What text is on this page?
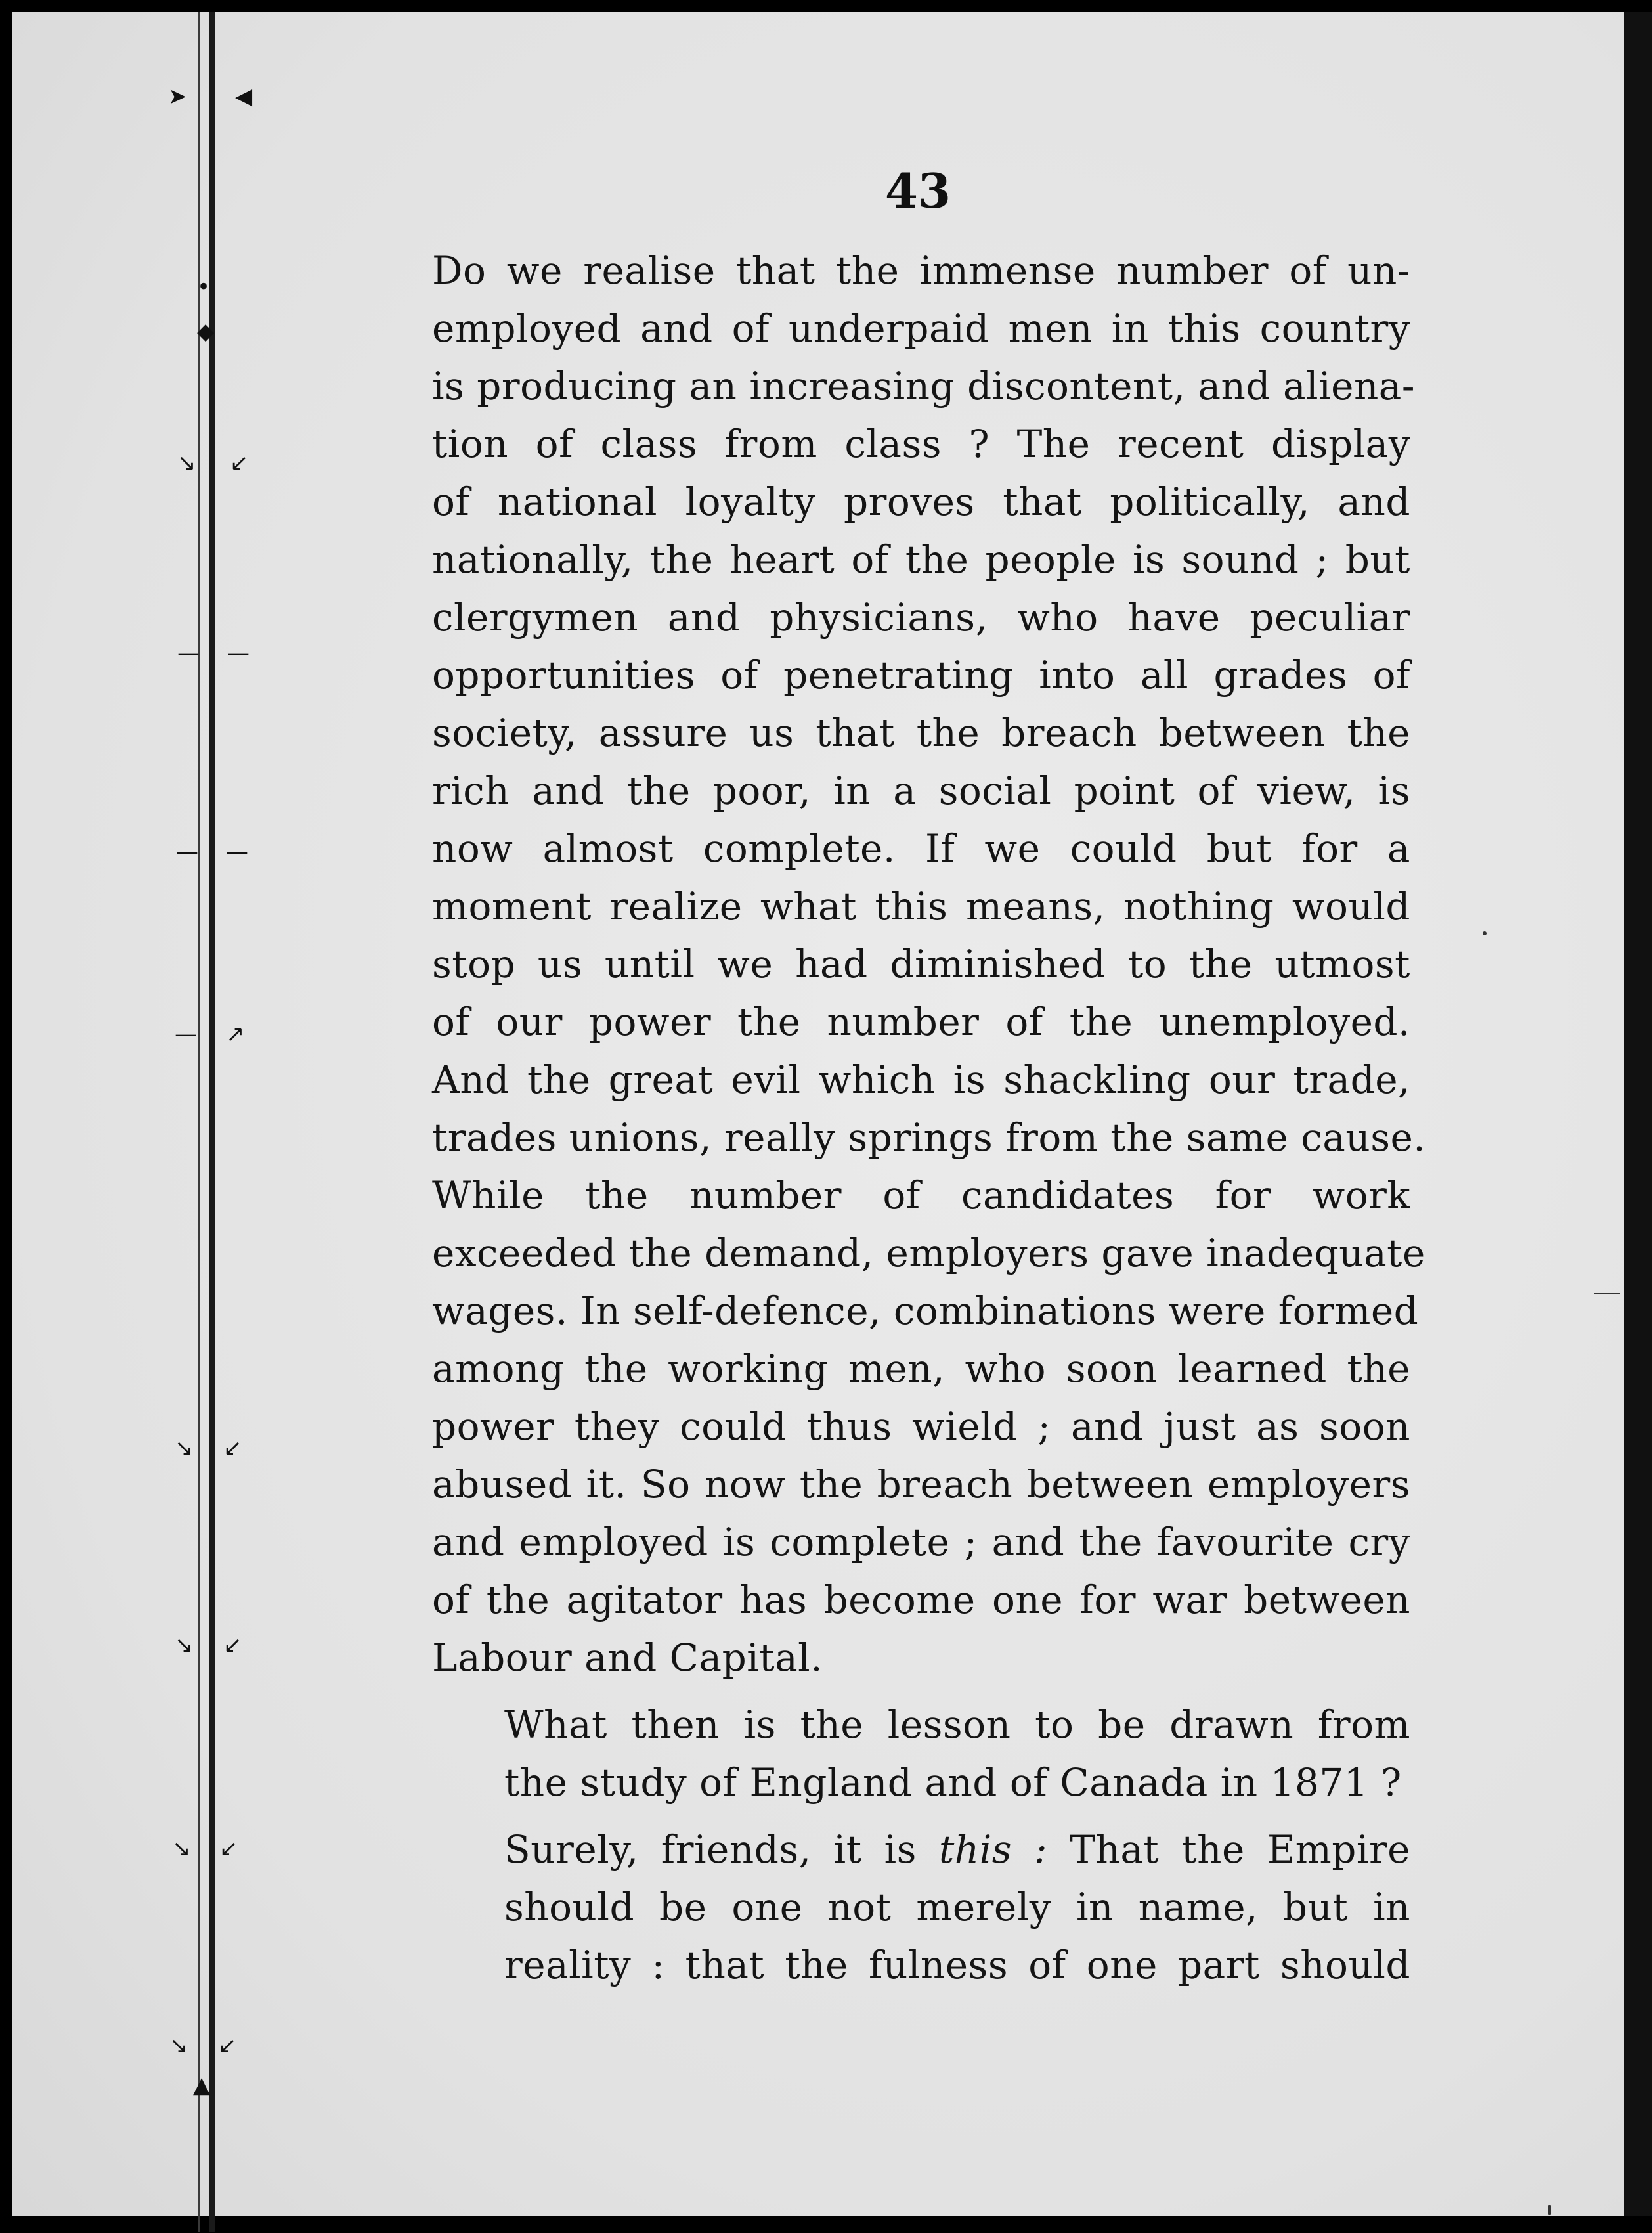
➤ ◀
•
◆
↘ ↙
— —
— —
— ↗
↘ ↙
↘ ↙
↘ ↙
↘
▲
↙
43

Do we realise that the immense number of un-
employed and of underpaid men in this country
is producing an increasing discontent, and aliena-
tion of class from class ? The recent display
of national loyalty proves that politically, and
nationally, the heart of the people is sound ; but
clergymen and physicians, who have peculiar
opportunities of penetrating into all grades of
society, assure us that the breach between the
rich and the poor, in a social point of view, is
now almost complete. If we could but for a
moment realize what this means, nothing would
stop us until we had diminished to the utmost
of our power the number of the unemployed.
And the great evil which is shackling our trade,
trades unions, really springs from the same cause.
While the number of candidates for work
exceeded the demand, employers gave inadequate
wages. In self-defence, combinations were formed
among the working men, who soon learned the
power they could thus wield ; and just as soon
abused it. So now the breach between employers
and employed is complete ; and the favourite cry
of the agitator has become one for war between
Labour and Capital.

What then is the lesson to be drawn from
the study of England and of Canada in 1871 ?

Surely, friends, it is this : That the Empire
should be one not merely in name, but in
reality : that the fulness of one part should
